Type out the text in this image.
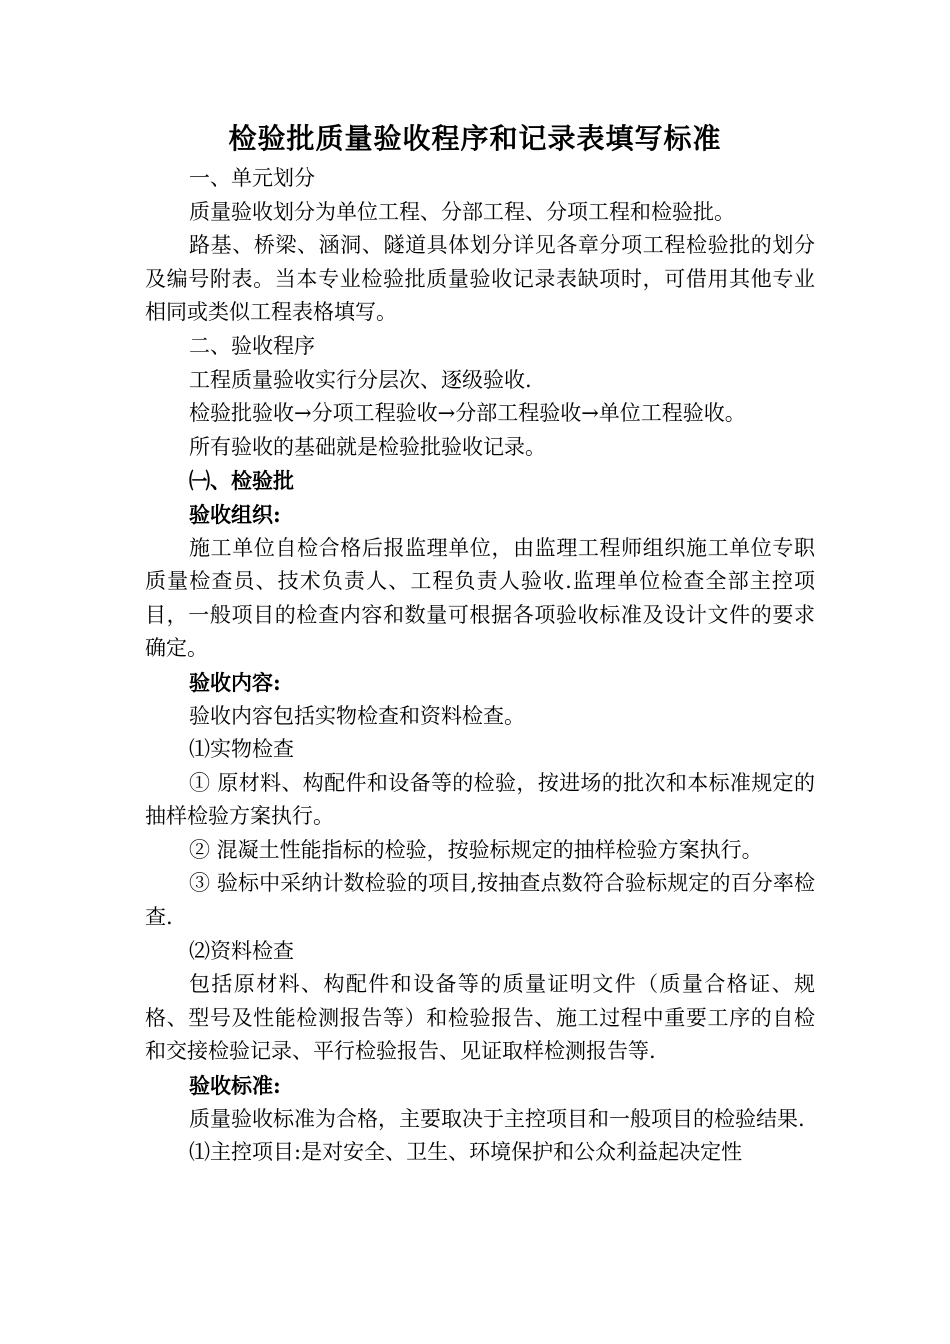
检验批质量验收程序和记录表填写标准

一、单元划分

质量验收划分为单位工程、分部工程、分项工程和检验批。

路基、桥梁、涵洞、隧道具体划分详见各章分项工程检验批的划分及编号附表。当本专业检验批质量验收记录表缺项时，可借用其他专业相同或类似工程表格填写。

二、验收程序

工程质量验收实行分层次、逐级验收.

检验批验收→分项工程验收→分部工程验收→单位工程验收。

所有验收的基础就是检验批验收记录。

㈠、检验批

验收组织:

施工单位自检合格后报监理单位，由监理工程师组织施工单位专职质量检查员、技术负责人、工程负责人验收.监理单位检查全部主控项目，一般项目的检查内容和数量可根据各项验收标准及设计文件的要求确定。

验收内容:

验收内容包括实物检查和资料检查。

⑴实物检查

① 原材料、构配件和设备等的检验，按进场的批次和本标准规定的抽样检验方案执行。

② 混凝土性能指标的检验，按验标规定的抽样检验方案执行。

③ 验标中采纳计数检验的项目,按抽查点数符合验标规定的百分率检查.

⑵资料检查

包括原材料、构配件和设备等的质量证明文件（质量合格证、规格、型号及性能检测报告等）和检验报告、施工过程中重要工序的自检和交接检验记录、平行检验报告、见证取样检测报告等.

验收标准:

质量验收标准为合格，主要取决于主控项目和一般项目的检验结果.

⑴主控项目:是对安全、卫生、环境保护和公众利益起决定性
